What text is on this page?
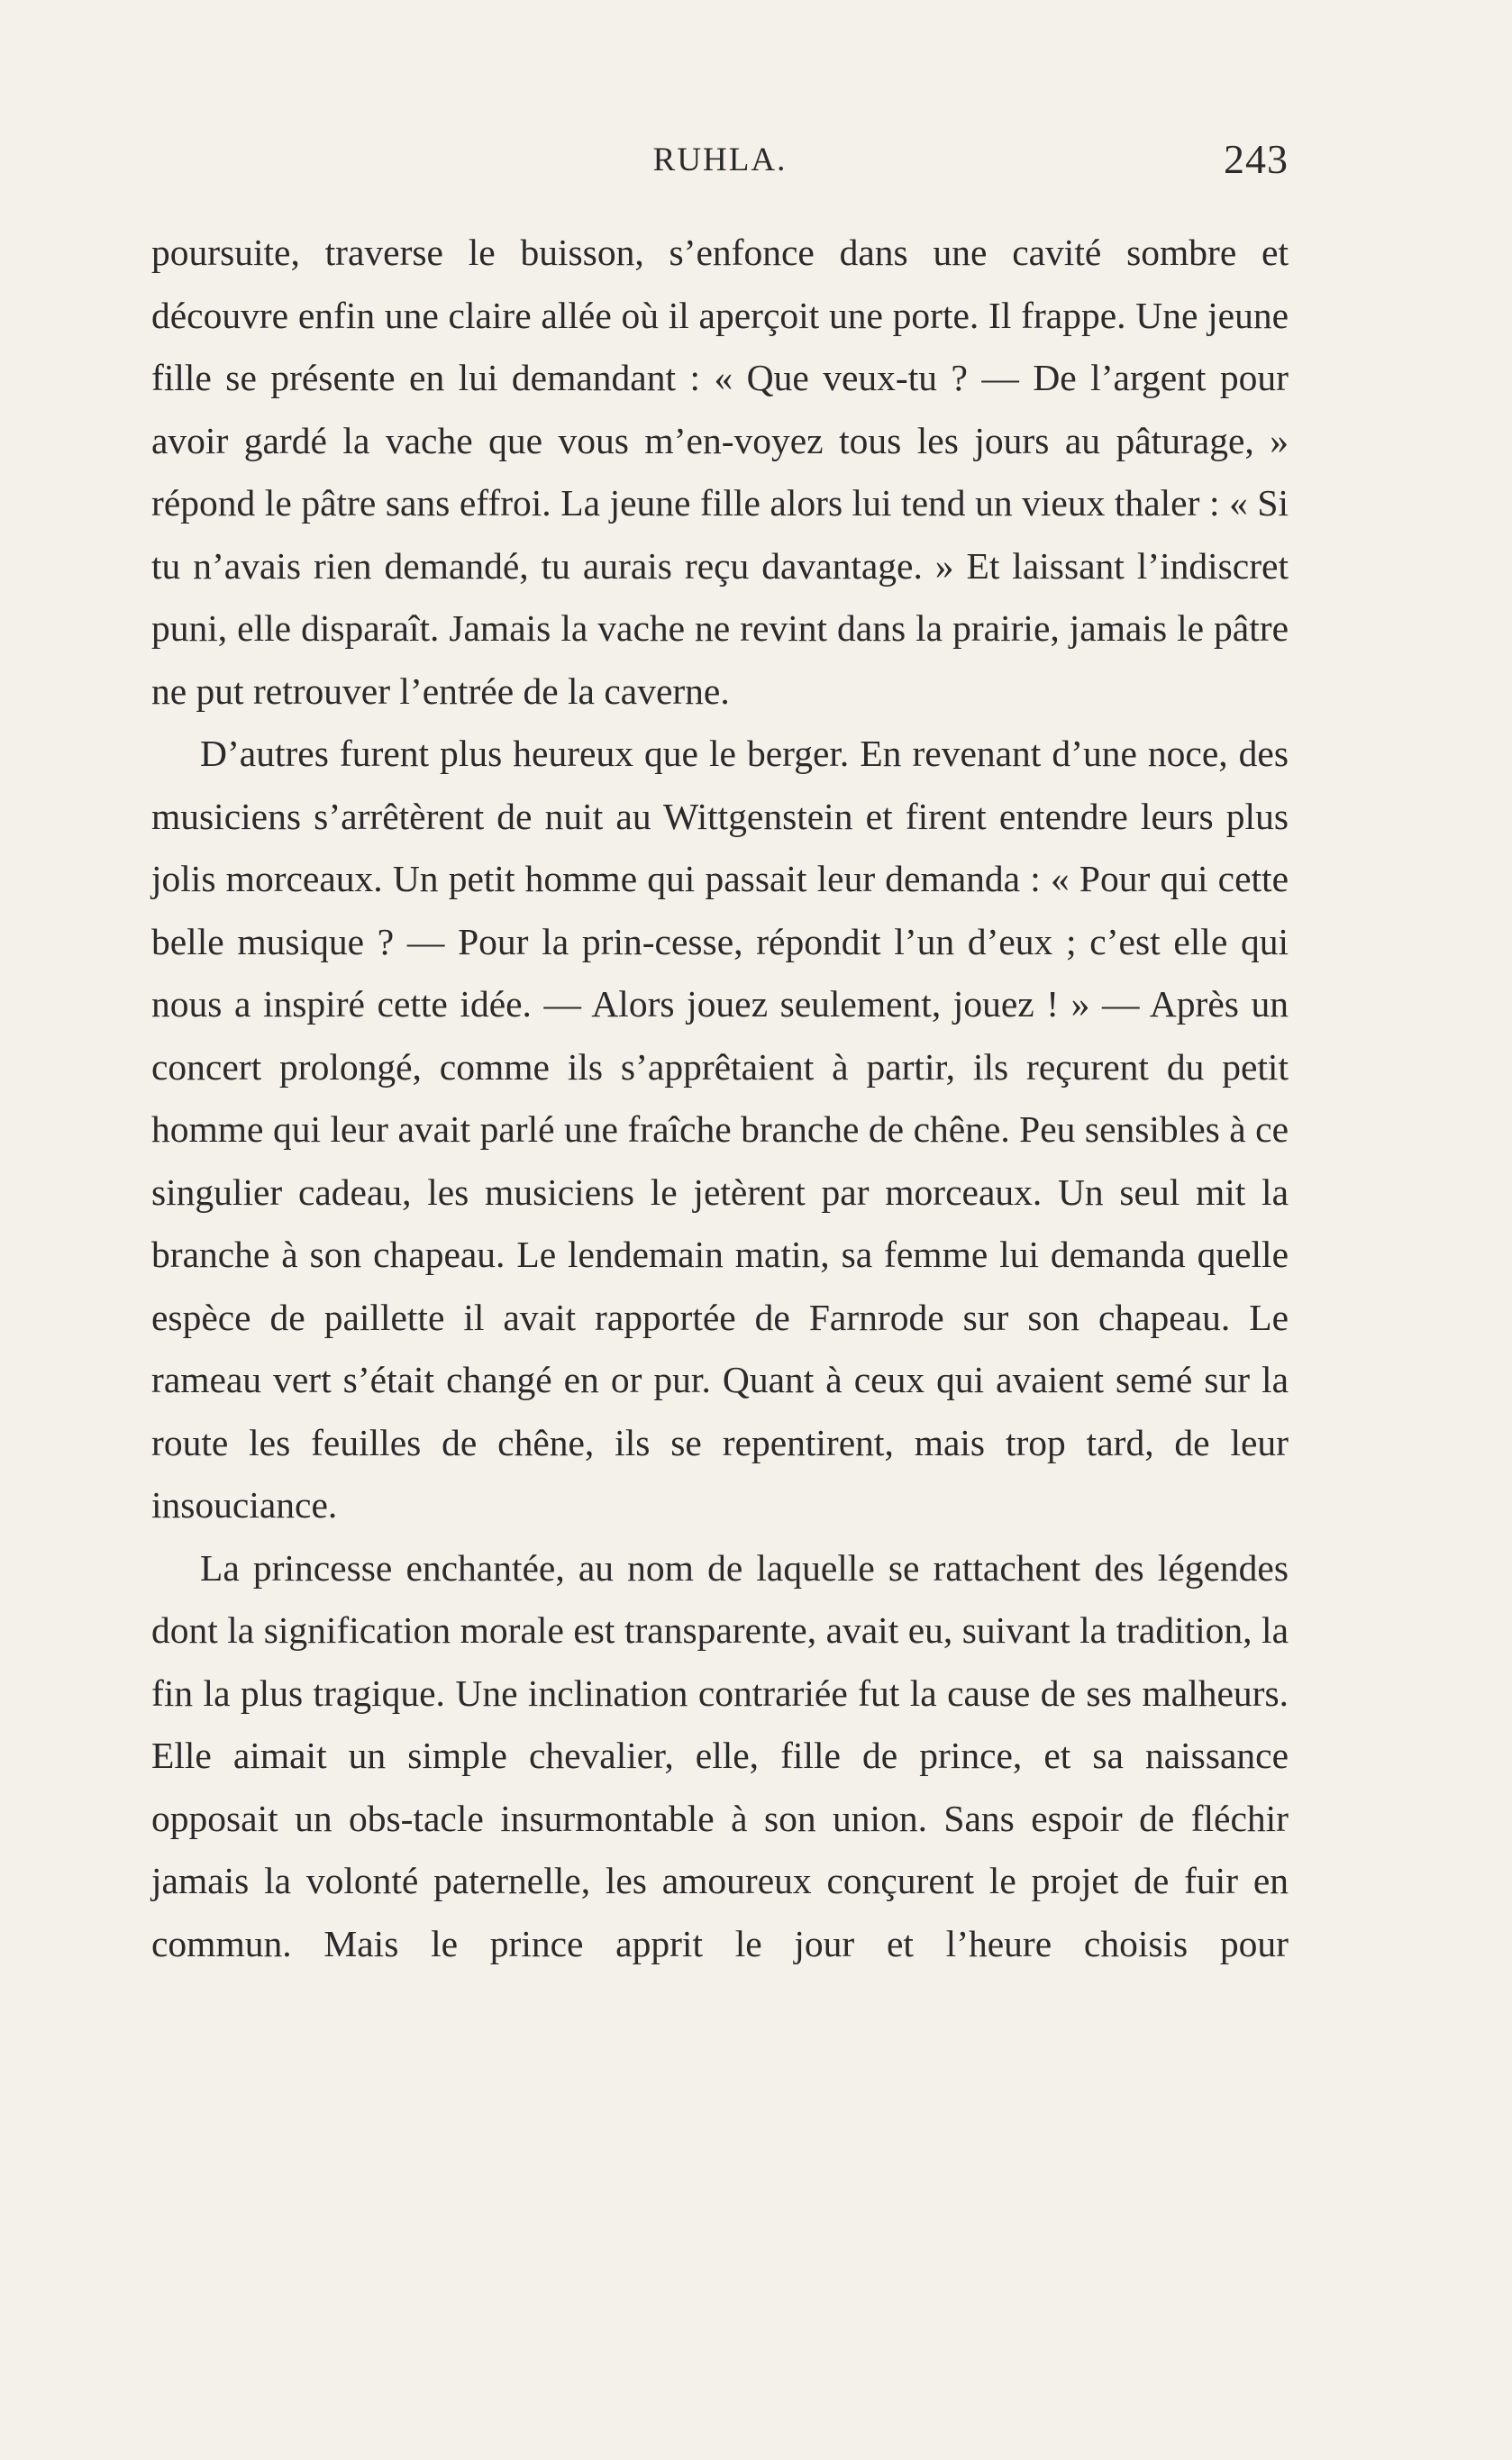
RUHLA.	243

poursuite, traverse le buisson, s’enfonce dans une cavité sombre et découvre enfin une claire allée où il aperçoit une porte. Il frappe. Une jeune fille se présente en lui demandant : « Que veux-tu ? — De l’argent pour avoir gardé la vache que vous m’en-voyez tous les jours au pâturage, » répond le pâtre sans effroi. La jeune fille alors lui tend un vieux thaler : « Si tu n’avais rien demandé, tu aurais reçu davantage. » Et laissant l’indiscret puni, elle disparaît. Jamais la vache ne revint dans la prairie, jamais le pâtre ne put retrouver l’entrée de la caverne.

D’autres furent plus heureux que le berger. En revenant d’une noce, des musiciens s’arrêtèrent de nuit au Wittgenstein et firent entendre leurs plus jolis morceaux. Un petit homme qui passait leur demanda : « Pour qui cette belle musique ? — Pour la prin-cesse, répondit l’un d’eux ; c’est elle qui nous a inspiré cette idée. — Alors jouez seulement, jouez ! » — Après un concert prolongé, comme ils s’apprêtaient à partir, ils reçurent du petit homme qui leur avait parlé une fraîche branche de chêne. Peu sensibles à ce singulier cadeau, les musiciens le jetèrent par morceaux. Un seul mit la branche à son chapeau. Le lendemain matin, sa femme lui demanda quelle espèce de paillette il avait rapportée de Farnrode sur son chapeau. Le rameau vert s’était changé en or pur. Quant à ceux qui avaient semé sur la route les feuilles de chêne, ils se repentirent, mais trop tard, de leur insouciance.

La princesse enchantée, au nom de laquelle se rattachent des légendes dont la signification morale est transparente, avait eu, suivant la tradition, la fin la plus tragique. Une inclination contrariée fut la cause de ses malheurs. Elle aimait un simple chevalier, elle, fille de prince, et sa naissance opposait un obs-tacle insurmontable à son union. Sans espoir de fléchir jamais la volonté paternelle, les amoureux conçurent le projet de fuir en commun. Mais le prince apprit le jour et l’heure choisis pour
